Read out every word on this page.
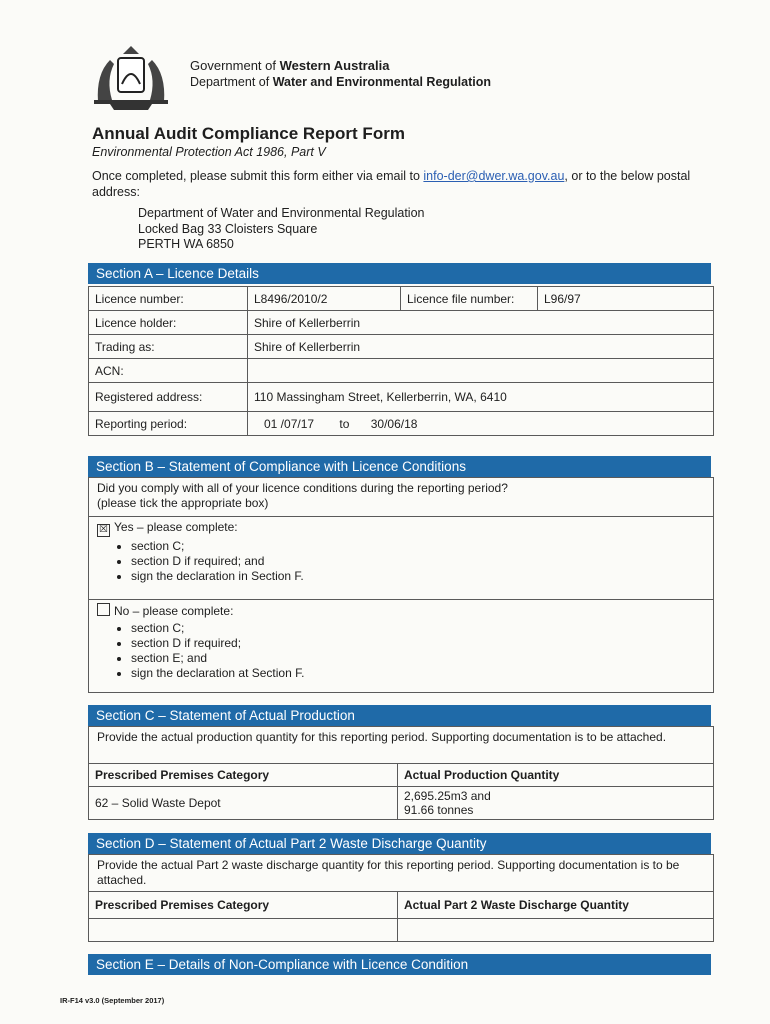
Government of Western Australia
Department of Water and Environmental Regulation
Annual Audit Compliance Report Form
Environmental Protection Act 1986, Part V
Once completed, please submit this form either via email to info-der@dwer.wa.gov.au, or to the below postal address:
Department of Water and Environmental Regulation
Locked Bag 33 Cloisters Square
PERTH WA 6850
Section A – Licence Details
Licence number:	L8496/2010/2	Licence file number:	L96/97
Licence holder:	Shire of Kellerberrin		
Trading as:	Shire of Kellerberrin		
ACN:			
Registered address:	110 Massingham Street, Kellerberrin, WA, 6410		
Reporting period:	01 /07/17 to 30/06/18		
Section B – Statement of Compliance with Licence Conditions
Did you comply with all of your licence conditions during the reporting period?
(please tick the appropriate box)
☒ Yes – please complete:
• section C;
• section D if required; and
• sign the declaration in Section F.
No – please complete:
• section C;
• section D if required;
• section E; and
• sign the declaration at Section F.
Section C – Statement of Actual Production
Provide the actual production quantity for this reporting period. Supporting documentation is to be attached.
Prescribed Premises Category	Actual Production Quantity
62 – Solid Waste Depot	2,695.25m3 and
91.66 tonnes
Section D – Statement of Actual Part 2 Waste Discharge Quantity
Provide the actual Part 2 waste discharge quantity for this reporting period. Supporting documentation is to be attached.
Prescribed Premises Category	Actual Part 2 Waste Discharge Quantity

Section E – Details of Non-Compliance with Licence Condition
IR-F14 v3.0 (September 2017)
